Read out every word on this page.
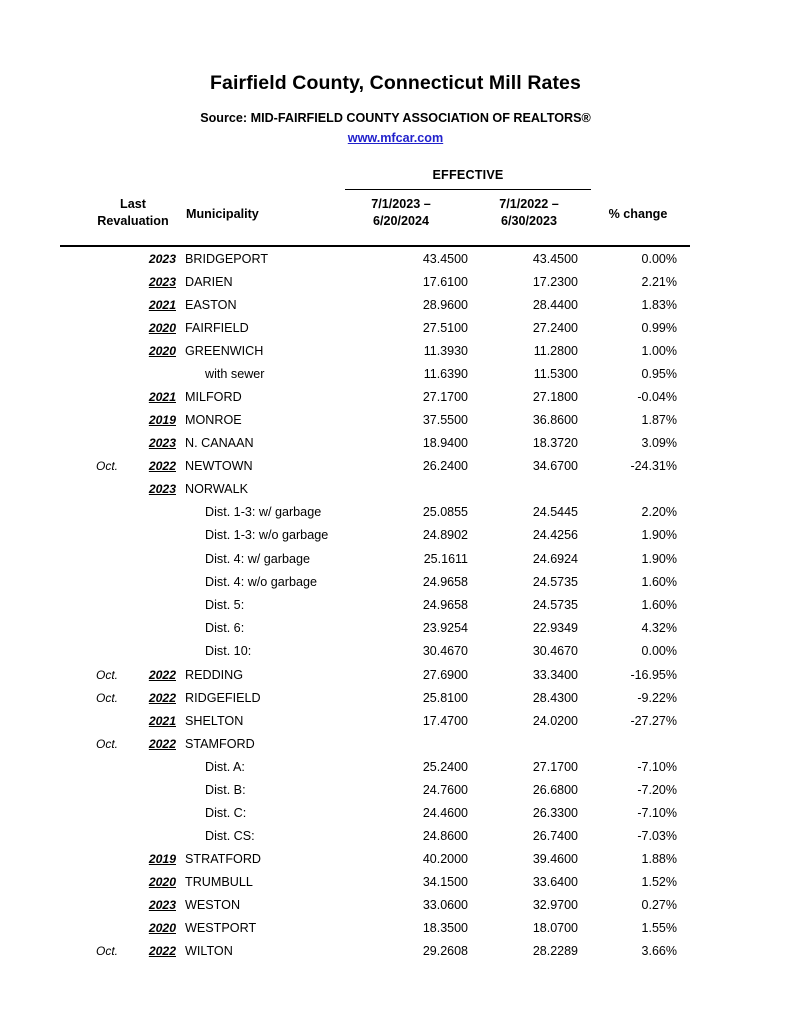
Fairfield County, Connecticut Mill Rates
Source: MID-FAIRFIELD COUNTY ASSOCIATION OF REALTORS®
www.mfcar.com
EFFECTIVE
Last
Revaluation	Municipality
7/1/2023 –
6/20/2024
7/1/2022 –
6/30/2023	% change
2023 BRIDGEPORT	43.4500	43.4500	0.00%
2023 DARIEN	17.6100	17.2300	2.21%
2021 EASTON	28.9600	28.4400	1.83%
2020 FAIRFIELD	27.5100	27.2400	0.99%
2020 GREENWICH	11.3930	11.2800	1.00%
with sewer	11.6390	11.5300	0.95%
2021 MILFORD	27.1700	27.1800	-0.04%
2019 MONROE	37.5500	36.8600	1.87%
2023 N. CANAAN	18.9400	18.3720	3.09%
Oct.	2022 NEWTOWN	26.2400	34.6700	-24.31%
2023 NORWALK
Dist. 1-3: w/ garbage	25.0855	24.5445	2.20%
Dist. 1-3: w/o garbage	24.8902	24.4256	1.90%
Dist. 4: w/ garbage	25.1611	24.6924	1.90%
Dist. 4: w/o garbage	24.9658	24.5735	1.60%
Dist. 5:	24.9658	24.5735	1.60%
Dist. 6:	23.9254	22.9349	4.32%
Dist. 10:	30.4670	30.4670	0.00%
Oct.	2022 REDDING	27.6900	33.3400	-16.95%
Oct.	2022 RIDGEFIELD	25.8100	28.4300	-9.22%
2021 SHELTON	17.4700	24.0200	-27.27%
Oct.	2022 STAMFORD
Dist. A:	25.2400	27.1700	-7.10%
Dist. B:	24.7600	26.6800	-7.20%
Dist. C:	24.4600	26.3300	-7.10%
Dist. CS:	24.8600	26.7400	-7.03%
2019 STRATFORD	40.2000	39.4600	1.88%
2020 TRUMBULL	34.1500	33.6400	1.52%
2023 WESTON	33.0600	32.9700	0.27%
2020 WESTPORT	18.3500	18.0700	1.55%
Oct.	2022 WILTON	29.2608	28.2289	3.66%
